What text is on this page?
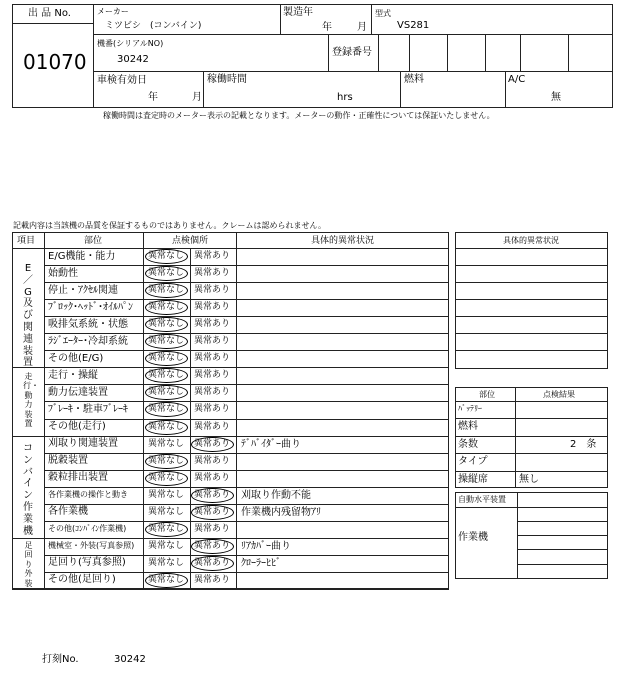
出 品 No.
01070
メーカー
ミツビシ　(コンバイン)
製造年
年	月
型式
VS281
機番(シリアルNO)
30242
登録番号
車検有効日
年	月
稼働時間
hrs
燃料	A/C
無
稼働時間は査定時のメーター表示の記載となります。メーターの動作・正確性については保証いたしません。
記載内容は当該機の品質を保証するものではありません。クレームは認められません。
項目	部位	点検個所	具体的異常状況
E／G及び関連装置
走行・動力装置
コンバイン作業機
足回り外装
E/G機能・能力	異常なし 異常あり
始動性	異常なし 異常あり
停止・ｱｸｾﾙ関連	異常なし 異常あり
ﾌﾞﾛｯｸ･ﾍｯﾄﾞ･ｵｲﾙﾊﾟﾝ 異常なし 異常あり
吸排気系統・状態 異常なし 異常あり
ﾗｼﾞｴｰﾀｰ･冷却系統 異常なし 異常あり
その他(E/G)	異常なし 異常あり
走行・操縦	異常なし 異常あり
動力伝達装置	異常なし 異常あり
ﾌﾞﾚｰｷ・駐車ﾌﾞﾚｰｷ 異常なし 異常あり
その他(走行)	異常なし 異常あり
刈取り関連装置	異常なし 異常あり ﾃﾞﾊﾞｲﾀﾞｰ曲り
脱穀装置	異常なし 異常あり
穀粒排出装置	異常なし 異常あり
各作業機の操作と動き 異常なし 異常あり 刈取り作動不能
各作業機	異常なし 異常あり 作業機内残留物ｱﾘ
その他(ｺﾝﾊﾞｲﾝ作業機) 異常なし 異常あり
機械室・外装(写真参照) 異常なし 異常あり ﾘｱｶﾊﾞｰ曲り
足回り(写真参照) 異常なし 異常あり ｸﾛｰﾗｰﾋﾋﾞ
その他(足回り)	異常なし 異常あり
具体的異常状況
部位	点検結果
ﾊﾞｯﾃﾘｰ
燃料
条数	2　条
タイプ
操縦席	無し
自動水平装置
作業機
打刻No.	30242
